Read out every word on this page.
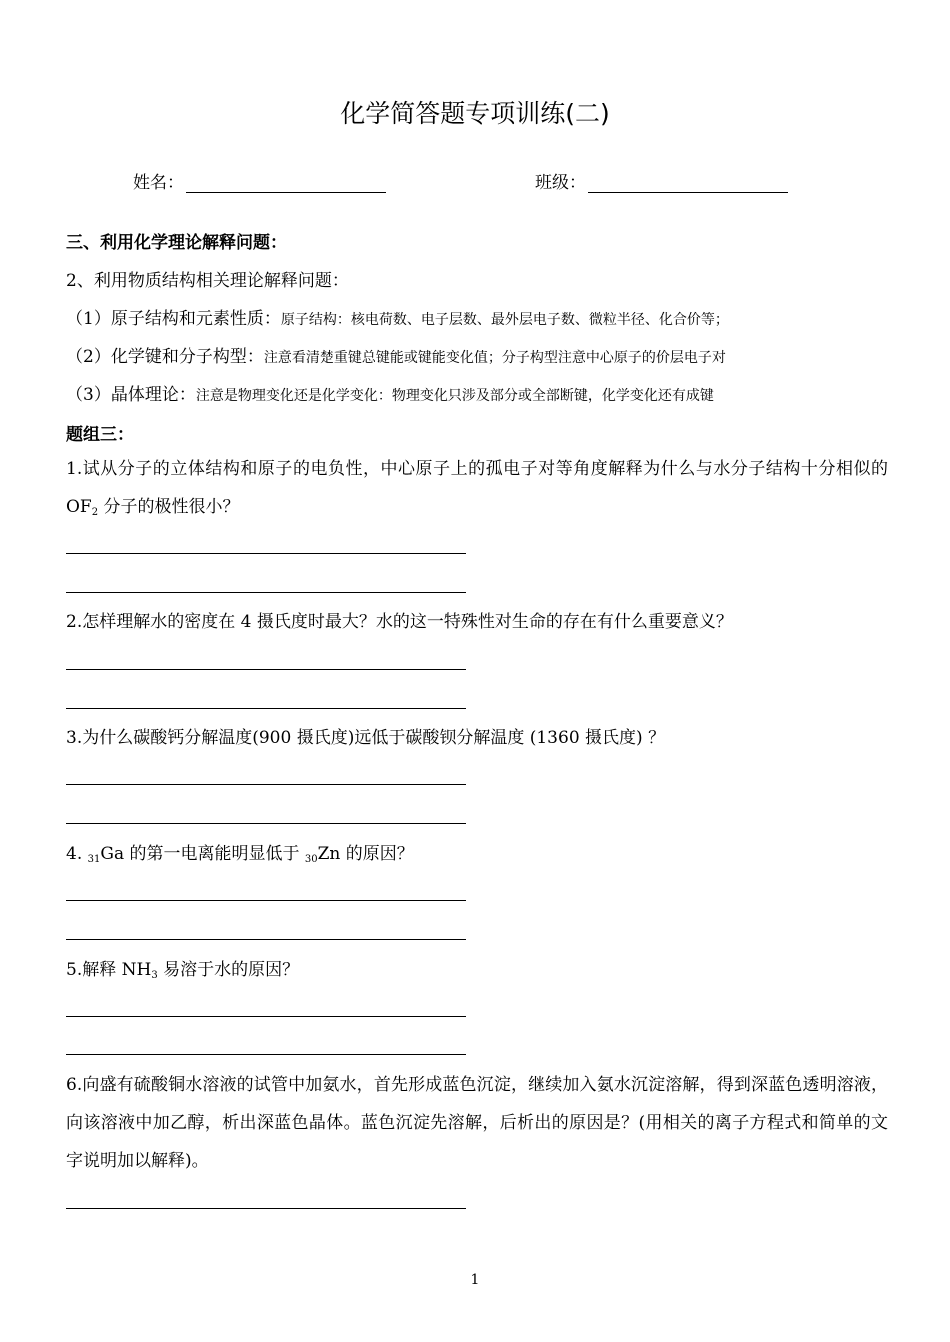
化学简答题专项训练(二)
姓名：	班级：
三、利用化学理论解释问题：
2、利用物质结构相关理论解释问题：
（1）原子结构和元素性质：原子结构：核电荷数、电子层数、最外层电子数、微粒半径、化合价等；
（2）化学键和分子构型：注意看清楚重键总键能或键能变化值；分子构型注意中心原子的价层电子对
（3）晶体理论：注意是物理变化还是化学变化：物理变化只涉及部分或全部断键，化学变化还有成键
题组三：
1.试从分子的立体结构和原子的电负性，中心原子上的孤电子对等角度解释为什么与水分子结构十分相似的 $OF_2$ 分子的极性很小？
2.怎样理解水的密度在 4 摄氏度时最大？水的这一特殊性对生命的存在有什么重要意义？
3.为什么碳酸钙分解温度(900 摄氏度)远低于碳酸钡分解温度 (1360 摄氏度) ？
4. 31Ga 的第一电离能明显低于 30Zn 的原因？
5.解释 $NH_3$ 易溶于水的原因？
6.向盛有硫酸铜水溶液的试管中加氨水，首先形成蓝色沉淀，继续加入氨水沉淀溶解，得到深蓝色透明溶液，向该溶液中加乙醇，析出深蓝色晶体。蓝色沉淀先溶解，后析出的原因是？(用相关的离子方程式和简单的文字说明加以解释)。
1
